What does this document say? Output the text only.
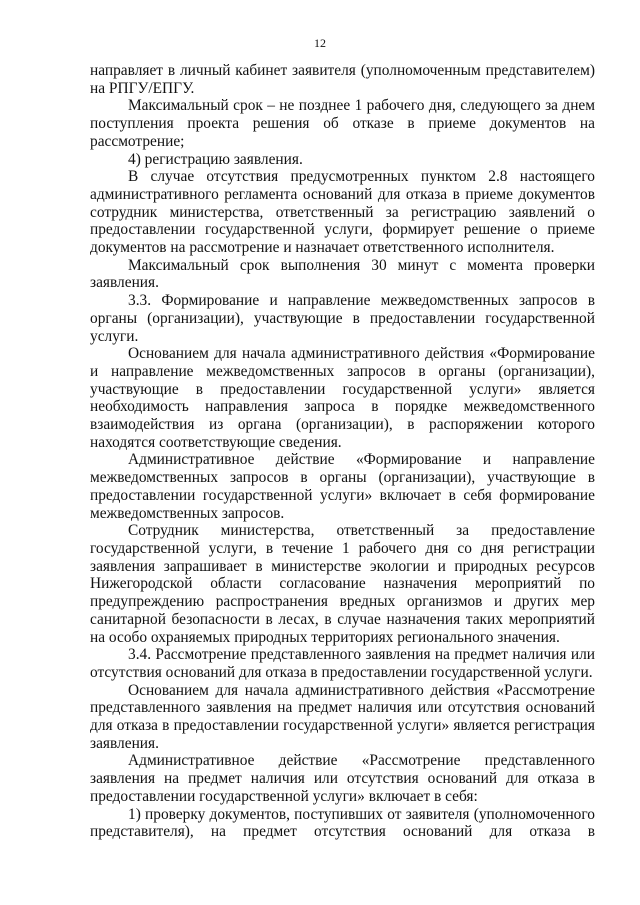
12

направляет в личный кабинет заявителя (уполномоченным представителем) на РПГУ/ЕПГУ.

Максимальный срок – не позднее 1 рабочего дня, следующего за днем поступления проекта решения об отказе в приеме документов на рассмотрение;

4) регистрацию заявления.

В случае отсутствия предусмотренных пунктом 2.8 настоящего административного регламента оснований для отказа в приеме документов сотрудник министерства, ответственный за регистрацию заявлений о предоставлении государственной услуги, формирует решение о приеме документов на рассмотрение и назначает ответственного исполнителя.

Максимальный срок выполнения 30 минут с момента проверки заявления.

3.3. Формирование и направление межведомственных запросов в органы (организации), участвующие в предоставлении государственной услуги.

Основанием для начала административного действия «Формирование и направление межведомственных запросов в органы (организации), участвующие в предоставлении государственной услуги» является необходимость направления запроса в порядке межведомственного взаимодействия из органа (организации), в распоряжении которого находятся соответствующие сведения.

Административное действие «Формирование и направление межведомственных запросов в органы (организации), участвующие в предоставлении государственной услуги» включает в себя формирование межведомственных запросов.

Сотрудник министерства, ответственный за предоставление государственной услуги, в течение 1 рабочего дня со дня регистрации заявления запрашивает в министерстве экологии и природных ресурсов Нижегородской области согласование назначения мероприятий по предупреждению распространения вредных организмов и других мер санитарной безопасности в лесах, в случае назначения таких мероприятий на особо охраняемых природных территориях регионального значения.

3.4. Рассмотрение представленного заявления на предмет наличия или отсутствия оснований для отказа в предоставлении государственной услуги.

Основанием для начала административного действия «Рассмотрение представленного заявления на предмет наличия или отсутствия оснований для отказа в предоставлении государственной услуги» является регистрация заявления.

Административное действие «Рассмотрение представленного заявления на предмет наличия или отсутствия оснований для отказа в предоставлении государственной услуги» включает в себя:

1) проверку документов, поступивших от заявителя (уполномоченного представителя), на предмет отсутствия оснований для отказа в
